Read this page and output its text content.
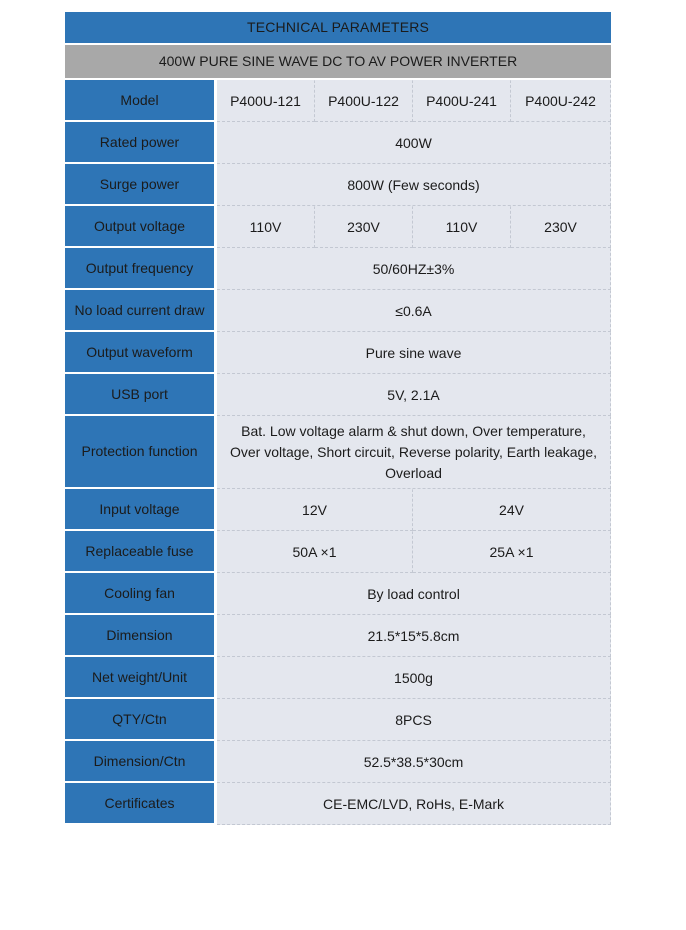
TECHNICAL PARAMETERS				
400W PURE SINE WAVE DC TO AV POWER INVERTER				
Model	P400U-121	P400U-122	P400U-241	P400U-242
Rated power	400W			
Surge power	800W (Few seconds)			
Output voltage	110V	230V	110V	230V
Output frequency	50/60HZ±3%			
No load current draw	≤0.6A			
Output waveform	Pure sine wave			
USB port	5V, 2.1A			
Protection function	Bat. Low voltage alarm & shut down, Over temperature, Over voltage, Short circuit, Reverse polarity, Earth leakage, Overload			
Input voltage	12V		24V	
Replaceable fuse	50A ×1		25A ×1	
Cooling fan	By load control			
Dimension	21.5*15*5.8cm			
Net weight/Unit	1500g			
QTY/Ctn	8PCS			
Dimension/Ctn	52.5*38.5*30cm			
Certificates	CE-EMC/LVD, RoHs, E-Mark			
